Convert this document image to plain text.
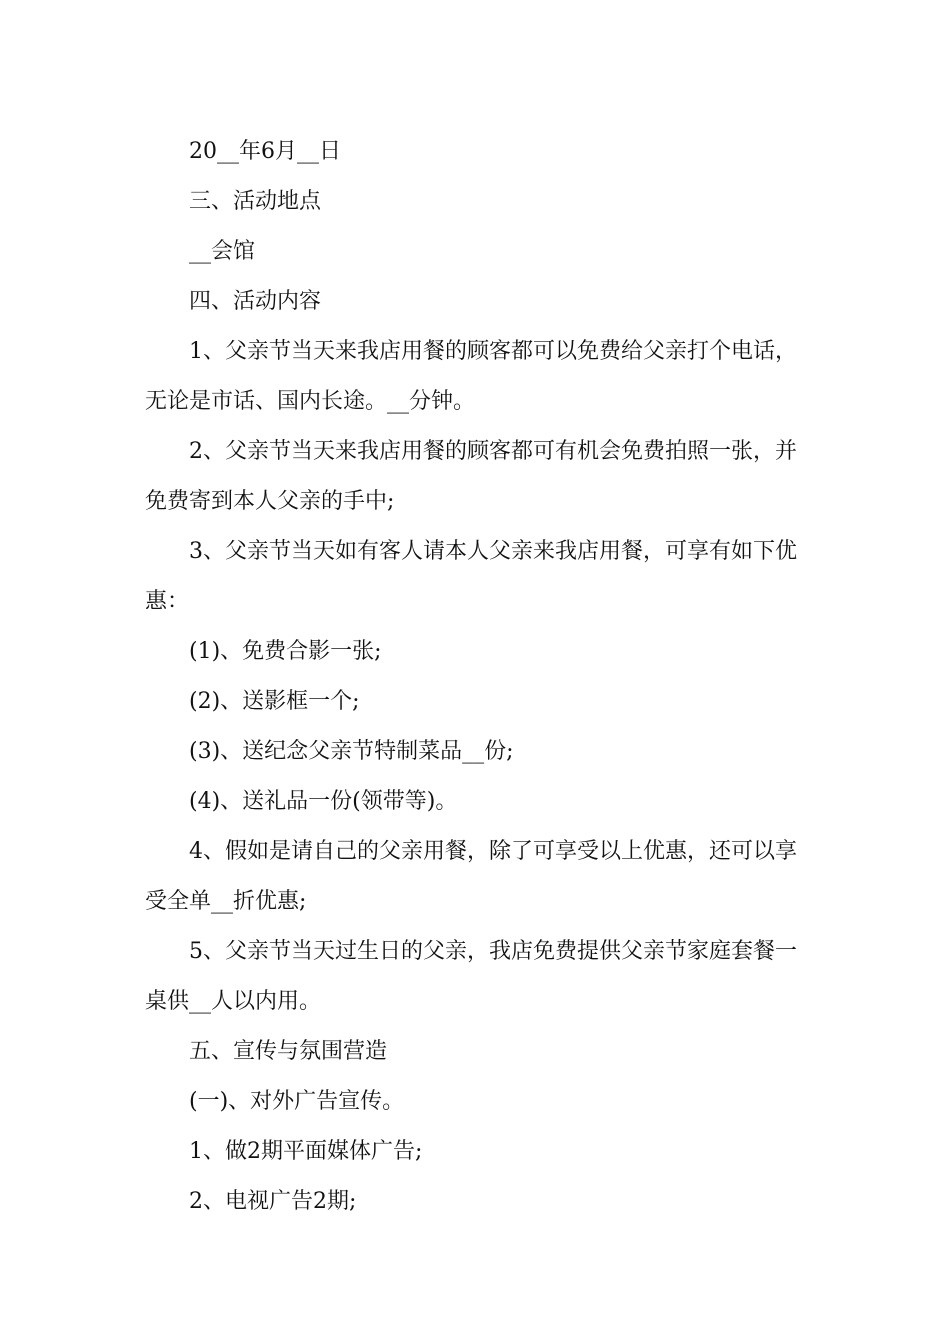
20__年6月__日
三、活动地点
__会馆
四、活动内容
1、父亲节当天来我店用餐的顾客都可以免费给父亲打个电话，
无论是市话、国内长途。__分钟。
2、父亲节当天来我店用餐的顾客都可有机会免费拍照一张，并
免费寄到本人父亲的手中;
3、父亲节当天如有客人请本人父亲来我店用餐，可享有如下优
惠：
(1)、免费合影一张;
(2)、送影框一个;
(3)、送纪念父亲节特制菜品__份;
(4)、送礼品一份(领带等)。
4、假如是请自己的父亲用餐，除了可享受以上优惠，还可以享
受全单__折优惠;
5、父亲节当天过生日的父亲，我店免费提供父亲节家庭套餐一
桌供__人以内用。
五、宣传与氛围营造
(一)、对外广告宣传。
1、做2期平面媒体广告;
2、电视广告2期;
